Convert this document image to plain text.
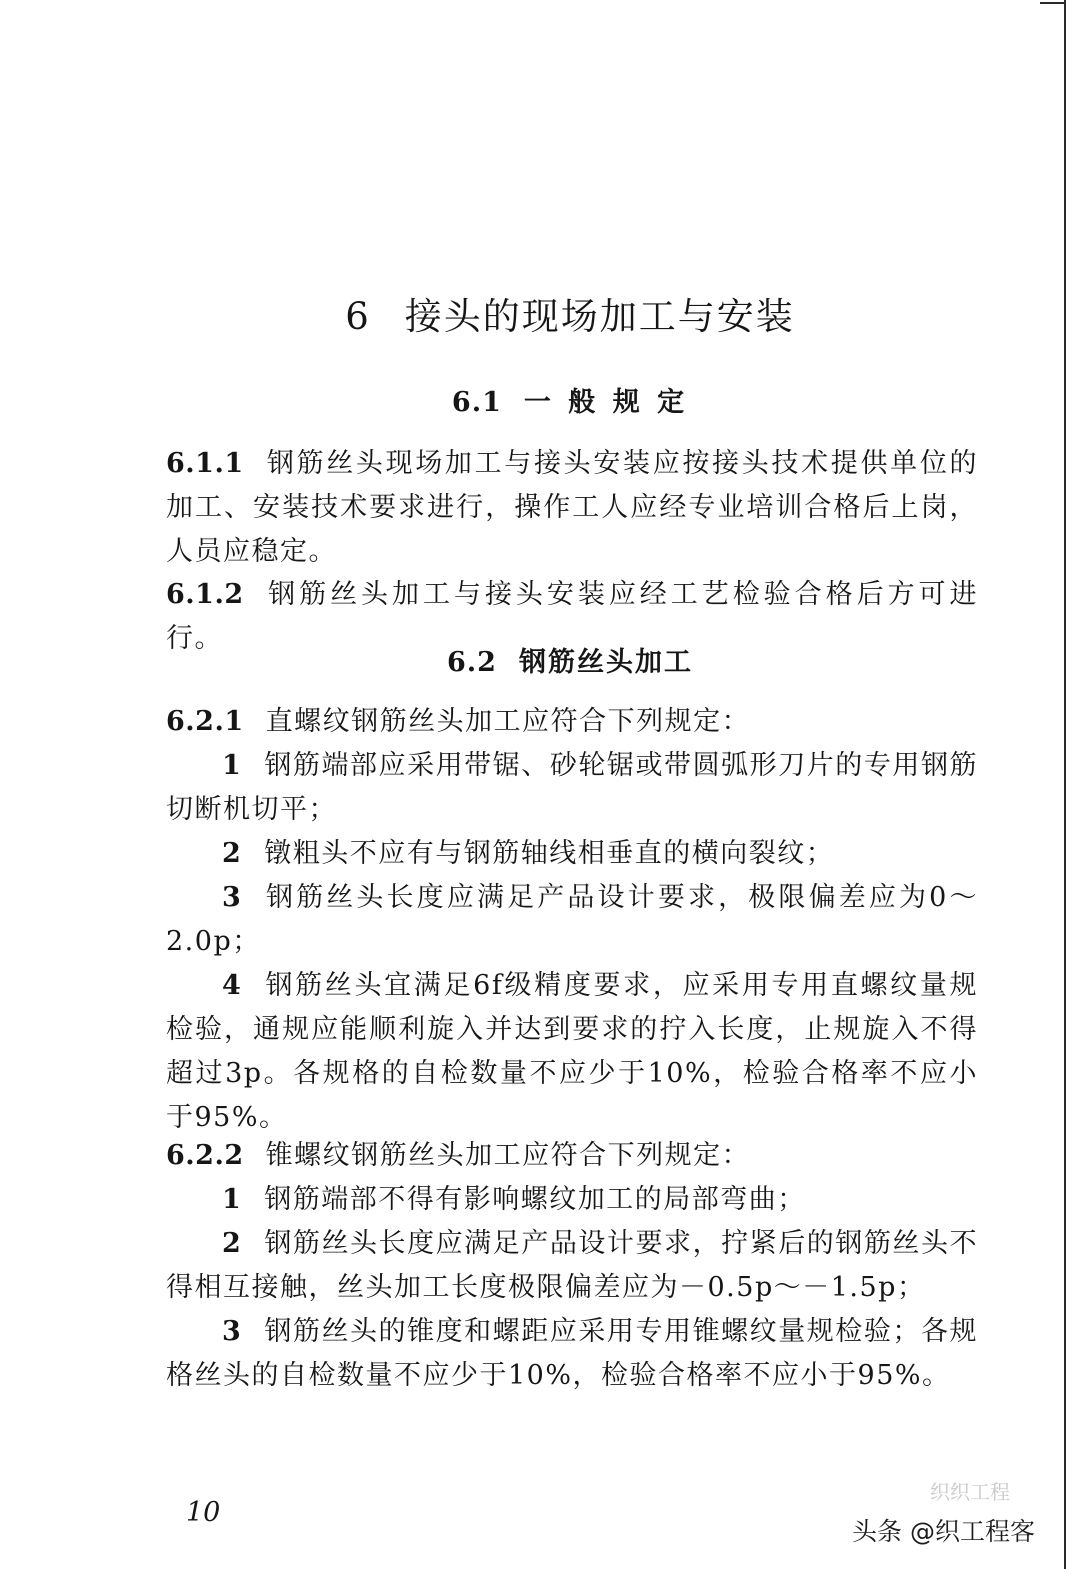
6 接头的现场加工与安装
6.1 一 般 规 定

6.1.1 钢筋丝头现场加工与接头安装应按接头技术提供单位的加工、安装技术要求进行，操作工人应经专业培训合格后上岗，人员应稳定。

6.1.2 钢筋丝头加工与接头安装应经工艺检验合格后方可进行。

6.2 钢筋丝头加工

6.2.1 直螺纹钢筋丝头加工应符合下列规定：

1 钢筋端部应采用带锯、砂轮锯或带圆弧形刀片的专用钢筋切断机切平；

2 镦粗头不应有与钢筋轴线相垂直的横向裂纹；

3 钢筋丝头长度应满足产品设计要求，极限偏差应为0～2.0p；

4 钢筋丝头宜满足6f级精度要求，应采用专用直螺纹量规检验，通规应能顺利旋入并达到要求的拧入长度，止规旋入不得超过3p。各规格的自检数量不应少于10%，检验合格率不应小于95%。

6.2.2 锥螺纹钢筋丝头加工应符合下列规定：

1 钢筋端部不得有影响螺纹加工的局部弯曲；

2 钢筋丝头长度应满足产品设计要求，拧紧后的钢筋丝头不得相互接触，丝头加工长度极限偏差应为－0.5p～－1.5p；

3 钢筋丝头的锥度和螺距应采用专用锥螺纹量规检验；各规格丝头的自检数量不应少于10%，检验合格率不应小于95%。

10
织织工程
头条 @织工程客
